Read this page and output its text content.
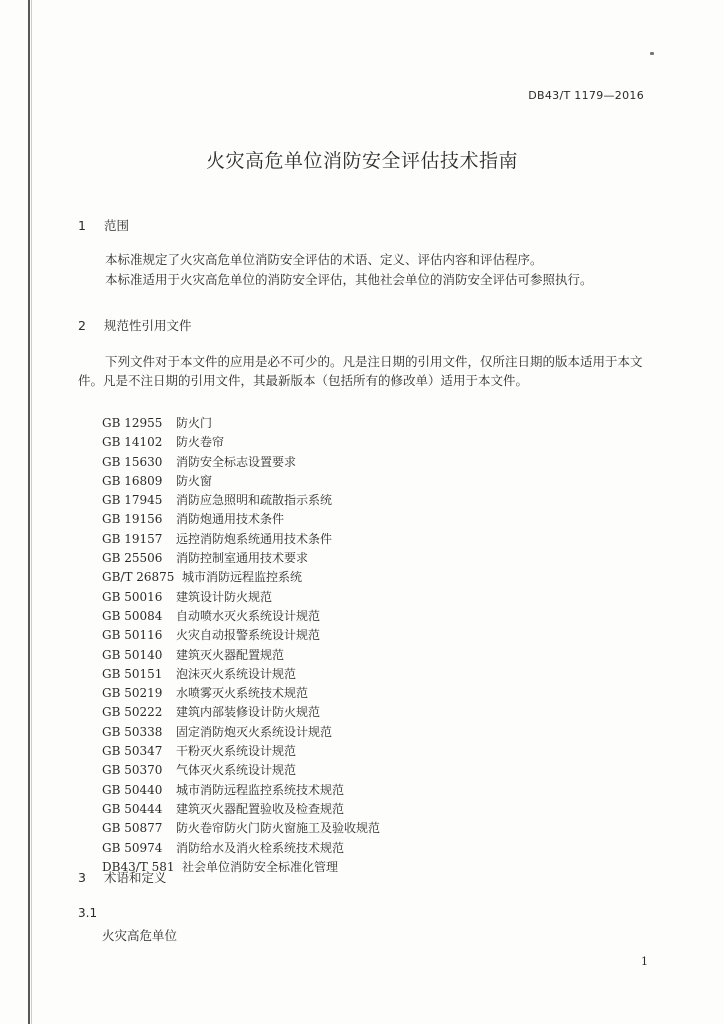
DB43/T 1179—2016
火灾高危单位消防安全评估技术指南
1 范围

本标准规定了火灾高危单位消防安全评估的术语、定义、评估内容和评估程序。

本标准适用于火灾高危单位的消防安全评估，其他社会单位的消防安全评估可参照执行。

2 规范性引用文件

下列文件对于本文件的应用是必不可少的。凡是注日期的引用文件，仅所注日期的版本适用于本文件。凡是不注日期的引用文件，其最新版本（包括所有的修改单）适用于本文件。

GB 12955 防火门
GB 14102 防火卷帘
GB 15630 消防安全标志设置要求
GB 16809 防火窗
GB 17945 消防应急照明和疏散指示系统
GB 19156 消防炮通用技术条件
GB 19157 远控消防炮系统通用技术条件
GB 25506 消防控制室通用技术要求
GB/T 26875 城市消防远程监控系统
GB 50016 建筑设计防火规范
GB 50084 自动喷水灭火系统设计规范
GB 50116 火灾自动报警系统设计规范
GB 50140 建筑灭火器配置规范
GB 50151 泡沫灭火系统设计规范
GB 50219 水喷雾灭火系统技术规范
GB 50222 建筑内部装修设计防火规范
GB 50338 固定消防炮灭火系统设计规范
GB 50347 干粉灭火系统设计规范
GB 50370 气体灭火系统设计规范
GB 50440 城市消防远程监控系统技术规范
GB 50444 建筑灭火器配置验收及检查规范
GB 50877 防火卷帘防火门防火窗施工及验收规范
GB 50974 消防给水及消火栓系统技术规范
DB43/T 581 社会单位消防安全标准化管理
3 术语和定义
3.1
火灾高危单位
1
